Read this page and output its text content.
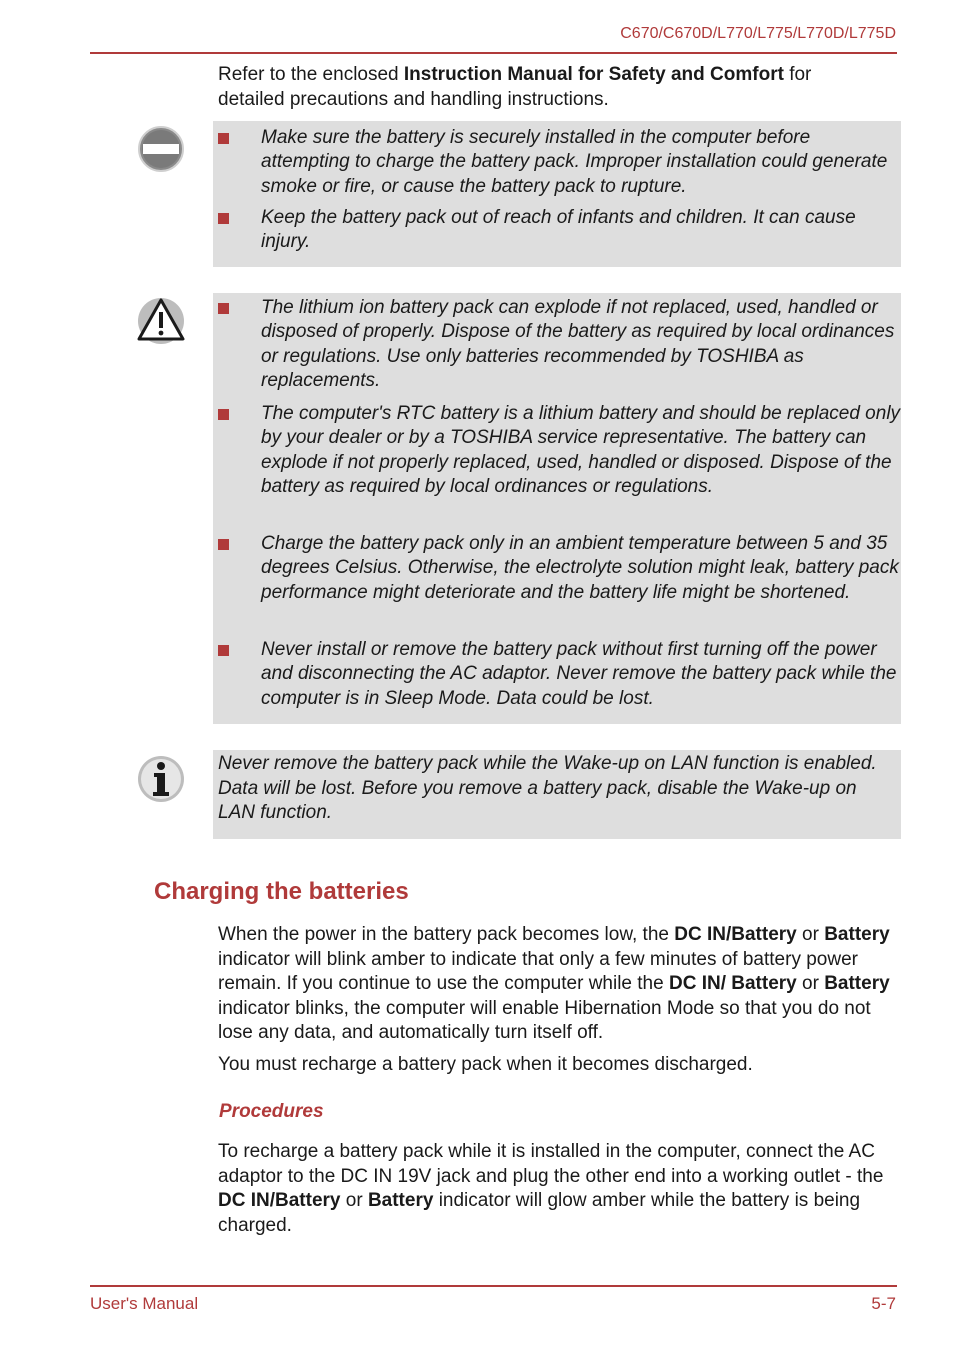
C670/C670D/L770/L775/L770D/L775D
Refer to the enclosed Instruction Manual for Safety and Comfort for detailed precautions and handling instructions.
Make sure the battery is securely installed in the computer before attempting to charge the battery pack. Improper installation could generate smoke or fire, or cause the battery pack to rupture.
Keep the battery pack out of reach of infants and children. It can cause injury.
The lithium ion battery pack can explode if not replaced, used, handled or disposed of properly. Dispose of the battery as required by local ordinances or regulations. Use only batteries recommended by TOSHIBA as replacements.
The computer's RTC battery is a lithium battery and should be replaced only by your dealer or by a TOSHIBA service representative. The battery can explode if not properly replaced, used, handled or disposed. Dispose of the battery as required by local ordinances or regulations.
Charge the battery pack only in an ambient temperature between 5 and 35 degrees Celsius. Otherwise, the electrolyte solution might leak, battery pack performance might deteriorate and the battery life might be shortened.
Never install or remove the battery pack without first turning off the power and disconnecting the AC adaptor. Never remove the battery pack while the computer is in Sleep Mode. Data could be lost.
Never remove the battery pack while the Wake-up on LAN function is enabled. Data will be lost. Before you remove a battery pack, disable the Wake-up on LAN function.
Charging the batteries
When the power in the battery pack becomes low, the DC IN/Battery or Battery indicator will blink amber to indicate that only a few minutes of battery power remain. If you continue to use the computer while the DC IN/ Battery or Battery indicator blinks, the computer will enable Hibernation Mode so that you do not lose any data, and automatically turn itself off.
You must recharge a battery pack when it becomes discharged.
Procedures
To recharge a battery pack while it is installed in the computer, connect the AC adaptor to the DC IN 19V jack and plug the other end into a working outlet - the DC IN/Battery or Battery indicator will glow amber while the battery is being charged.
User's Manual	5-7
